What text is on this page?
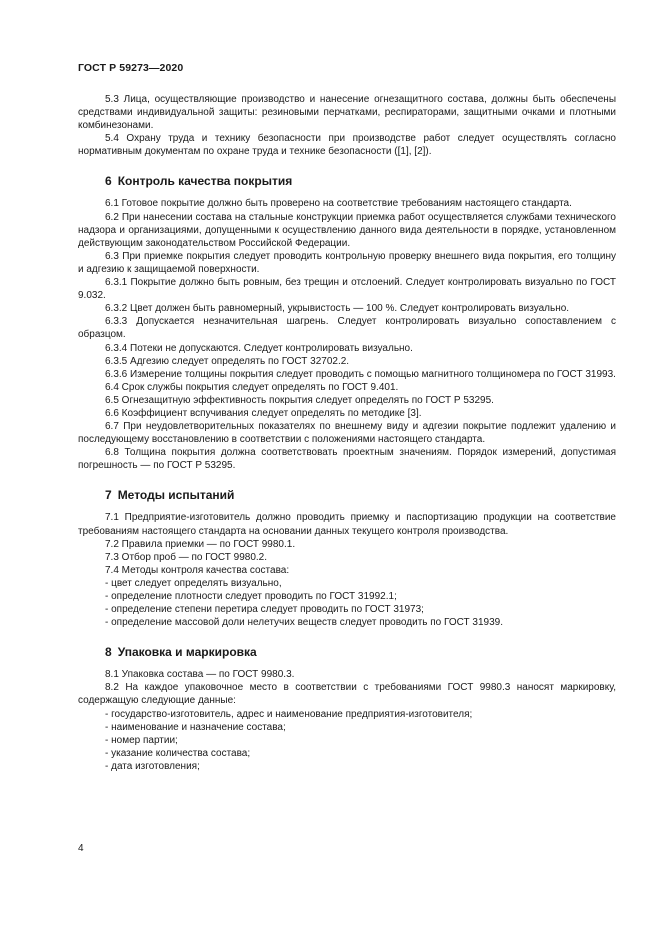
ГОСТ Р 59273—2020

5.3 Лица, осуществляющие производство и нанесение огнезащитного состава, должны быть обеспечены средствами индивидуальной защиты: резиновыми перчатками, респираторами, защитными очками и плотными комбинезонами.

5.4 Охрану труда и технику безопасности при производстве работ следует осуществлять согласно нормативным документам по охране труда и технике безопасности ([1], [2]).

6 Контроль качества покрытия

6.1 Готовое покрытие должно быть проверено на соответствие требованиям настоящего стандарта.

6.2 При нанесении состава на стальные конструкции приемка работ осуществляется службами технического надзора и организациями, допущенными к осуществлению данного вида деятельности в порядке, установленном действующим законодательством Российской Федерации.

6.3 При приемке покрытия следует проводить контрольную проверку внешнего вида покрытия, его толщину и адгезию к защищаемой поверхности.

6.3.1 Покрытие должно быть ровным, без трещин и отслоений. Следует контролировать визуально по ГОСТ 9.032.

6.3.2 Цвет должен быть равномерный, укрывистость — 100 %. Следует контролировать визуально.

6.3.3 Допускается незначительная шагрень. Следует контролировать визуально сопоставлением с образцом.

6.3.4 Потеки не допускаются. Следует контролировать визуально.

6.3.5 Адгезию следует определять по ГОСТ 32702.2.

6.3.6 Измерение толщины покрытия следует проводить с помощью магнитного толщиномера по ГОСТ 31993.

6.4 Срок службы покрытия следует определять по ГОСТ 9.401.

6.5 Огнезащитную эффективность покрытия следует определять по ГОСТ Р 53295.

6.6 Коэффициент вспучивания следует определять по методике [3].

6.7 При неудовлетворительных показателях по внешнему виду и адгезии покрытие подлежит удалению и последующему восстановлению в соответствии с положениями настоящего стандарта.

6.8 Толщина покрытия должна соответствовать проектным значениям. Порядок измерений, допустимая погрешность — по ГОСТ Р 53295.

7 Методы испытаний

7.1 Предприятие-изготовитель должно проводить приемку и паспортизацию продукции на соответствие требованиям настоящего стандарта на основании данных текущего контроля производства.

7.2 Правила приемки — по ГОСТ 9980.1.

7.3 Отбор проб — по ГОСТ 9980.2.

7.4 Методы контроля качества состава:

- цвет следует определять визуально,

- определение плотности следует проводить по ГОСТ 31992.1;

- определение степени перетира следует проводить по ГОСТ 31973;

- определение массовой доли нелетучих веществ следует проводить по ГОСТ 31939.

8 Упаковка и маркировка

8.1 Упаковка состава — по ГОСТ 9980.3.

8.2 На каждое упаковочное место в соответствии с требованиями ГОСТ 9980.3 наносят маркировку, содержащую следующие данные:

- государство-изготовитель, адрес и наименование предприятия-изготовителя;

- наименование и назначение состава;

- номер партии;

- указание количества состава;

- дата изготовления;

4
